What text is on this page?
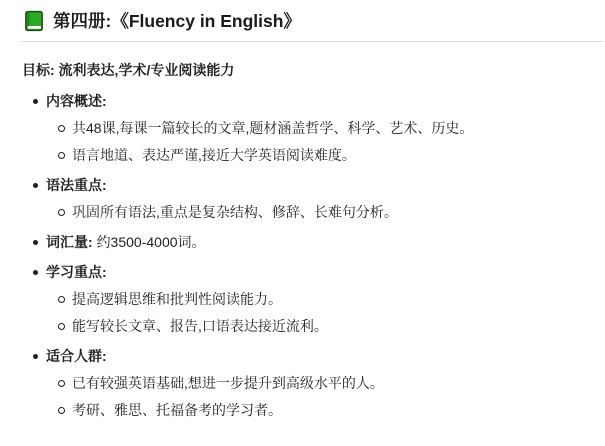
第四册:《Fluency in English》

目标: 流利表达,学术/专业阅读能力

内容概述:
共48课,每课一篇较长的文章,题材涵盖哲学、科学、艺术、历史。
语言地道、表达严谨,接近大学英语阅读难度。
语法重点:
巩固所有语法,重点是复杂结构、修辞、长难句分析。
词汇量: 约3500-4000词。
学习重点:
提高逻辑思维和批判性阅读能力。
能写较长文章、报告,口语表达接近流利。
适合人群:
已有较强英语基础,想进一步提升到高级水平的人。
考研、雅思、托福备考的学习者。
